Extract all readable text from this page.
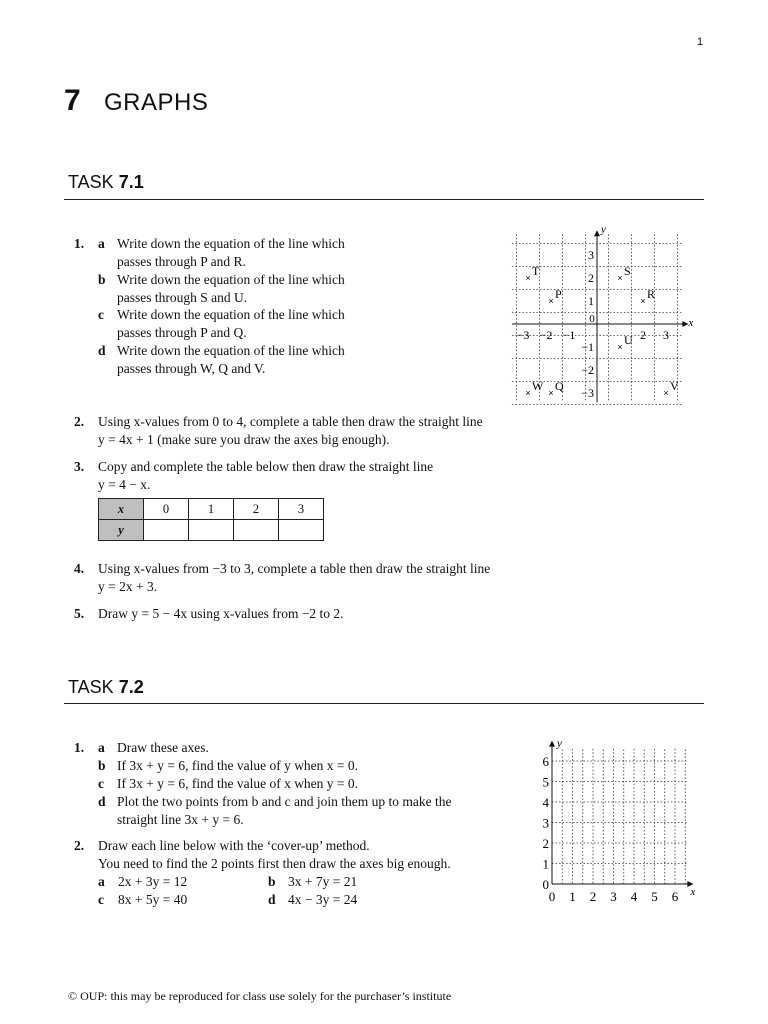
1
7 GRAPHS
TASK 7.1
1. a Write down the equation of the line which
passes through P and R.
b Write down the equation of the line which
passes through S and U.
c Write down the equation of the line which
passes through P and Q.
d Write down the equation of the line which
passes through W, Q and V.
x
y
0
−3 −2 −1	2 3
3
2
1
−1
−2
−3
× T	× S
× P	× R
× U
× W × Q	× V
2. Using x-values from 0 to 4, complete a table then draw the straight line
y = 4x + 1 (make sure you draw the axes big enough).
3. Copy and complete the table below then draw the straight line
y = 4 − x.
x	0	1	2	3
y				
4. Using x-values from −3 to 3, complete a table then draw the straight line
y = 2x + 3.
5. Draw y = 5 − 4x using x-values from −2 to 2.
TASK 7.2
1. a Draw these axes.
b If 3x + y = 6, find the value of y when x = 0.
c If 3x + y = 6, find the value of x when y = 0.
d Plot the two points from b and c and join them up to make the
straight line 3x + y = 6.
2. Draw each line below with the ‘cover-up’ method.
You need to find the 2 points first then draw the axes big enough.
a 2x + 3y = 12	b 3x + 7y = 21
c 8x + 5y = 40	d 4x − 3y = 24	x
y
0 1 2 3 4 5 6
0
1
2
3
4
5
6
© OUP: this may be reproduced for class use solely for the purchaser’s institute
